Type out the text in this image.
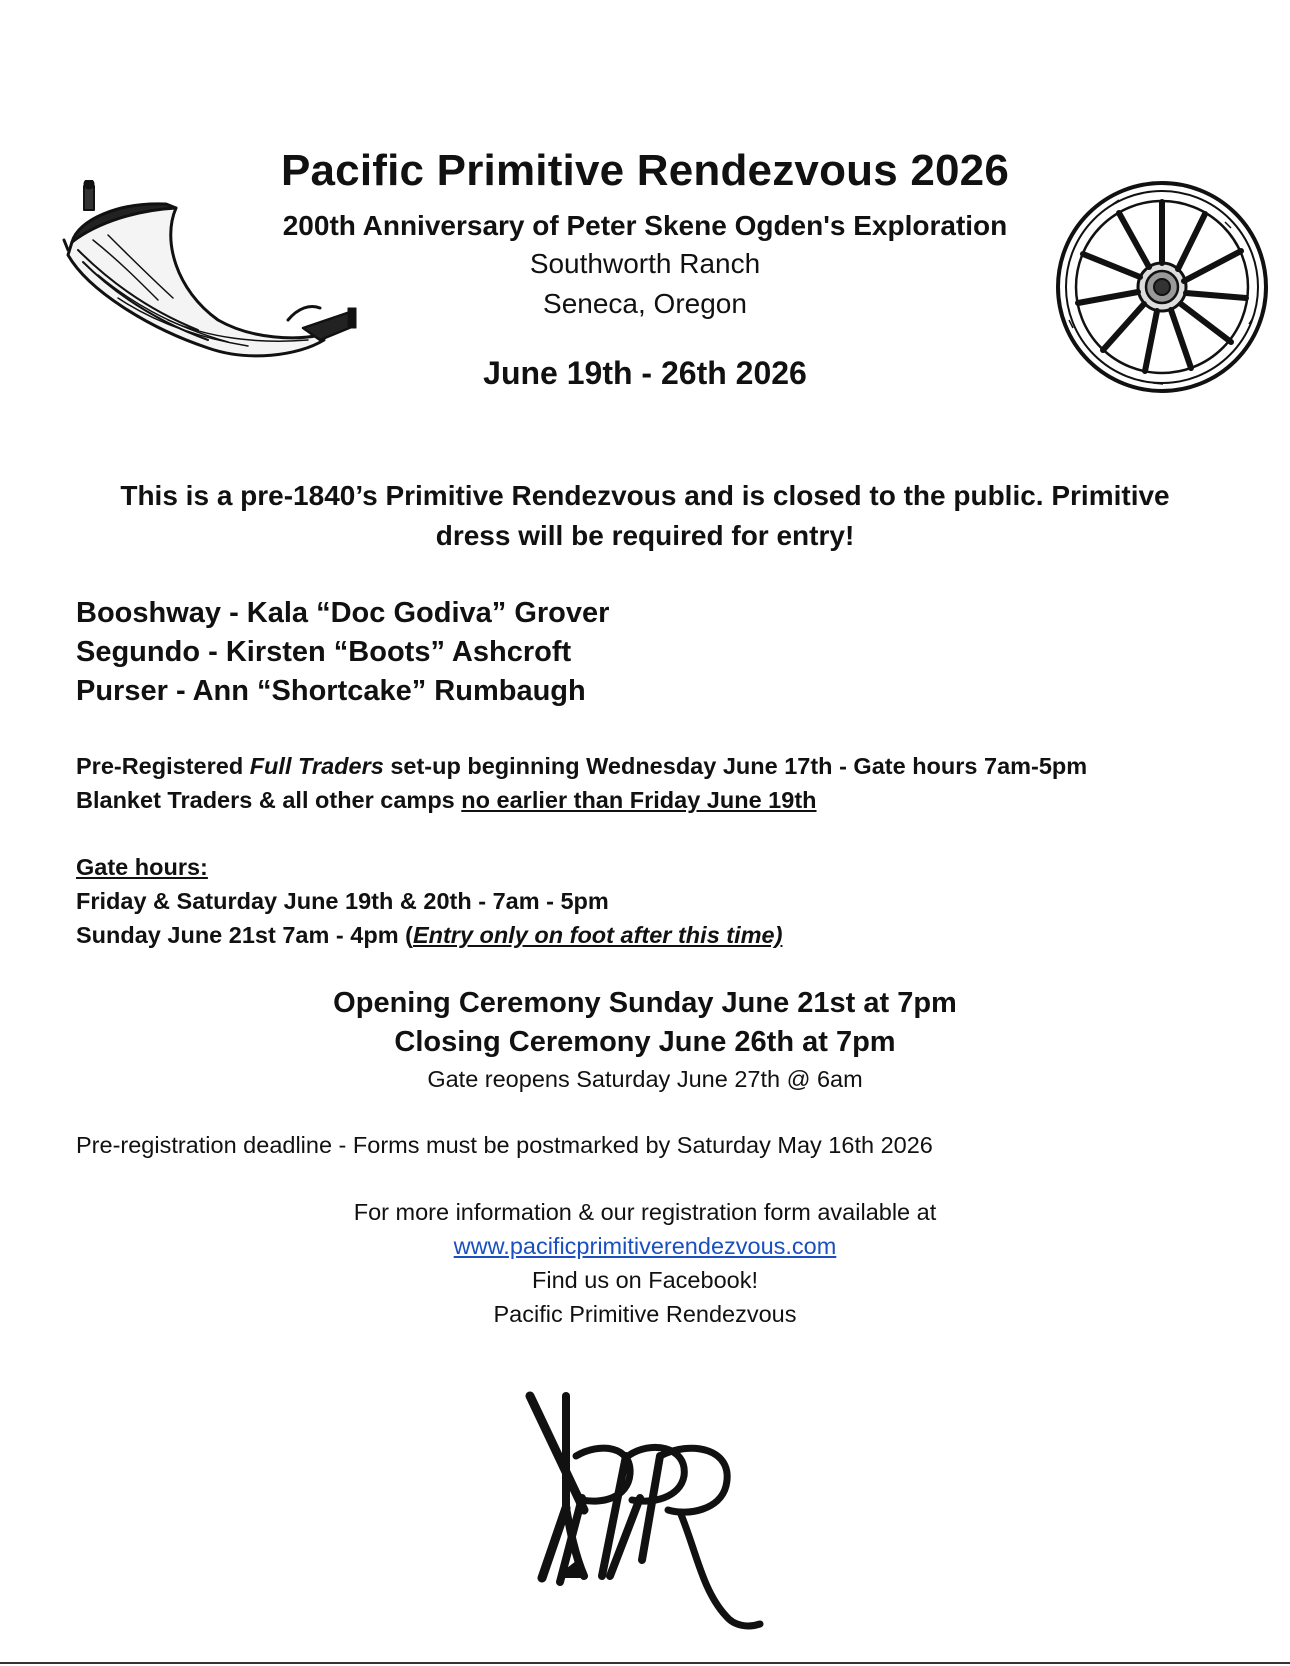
Pacific Primitive Rendezvous 2026
200th Anniversary of Peter Skene Ogden's Exploration
Southworth Ranch
Seneca, Oregon
June 19th - 26th 2026
This is a pre-1840’s Primitive Rendezvous and is closed to the public. Primitive dress will be required for entry!
Booshway - Kala “Doc Godiva” Grover
Segundo - Kirsten “Boots” Ashcroft
Purser - Ann “Shortcake” Rumbaugh
Pre-Registered Full Traders set-up beginning Wednesday June 17th - Gate hours 7am-5pm
Blanket Traders & all other camps no earlier than Friday June 19th
Gate hours:
Friday & Saturday June 19th & 20th - 7am - 5pm
Sunday June 21st 7am - 4pm (Entry only on foot after this time)
Opening Ceremony Sunday June 21st at 7pm
Closing Ceremony June 26th at 7pm
Gate reopens Saturday June 27th @ 6am
Pre-registration deadline - Forms must be postmarked by Saturday May 16th 2026
For more information & our registration form available at
www.pacificprimitiverendezvous.com
Find us on Facebook!
Pacific Primitive Rendezvous
